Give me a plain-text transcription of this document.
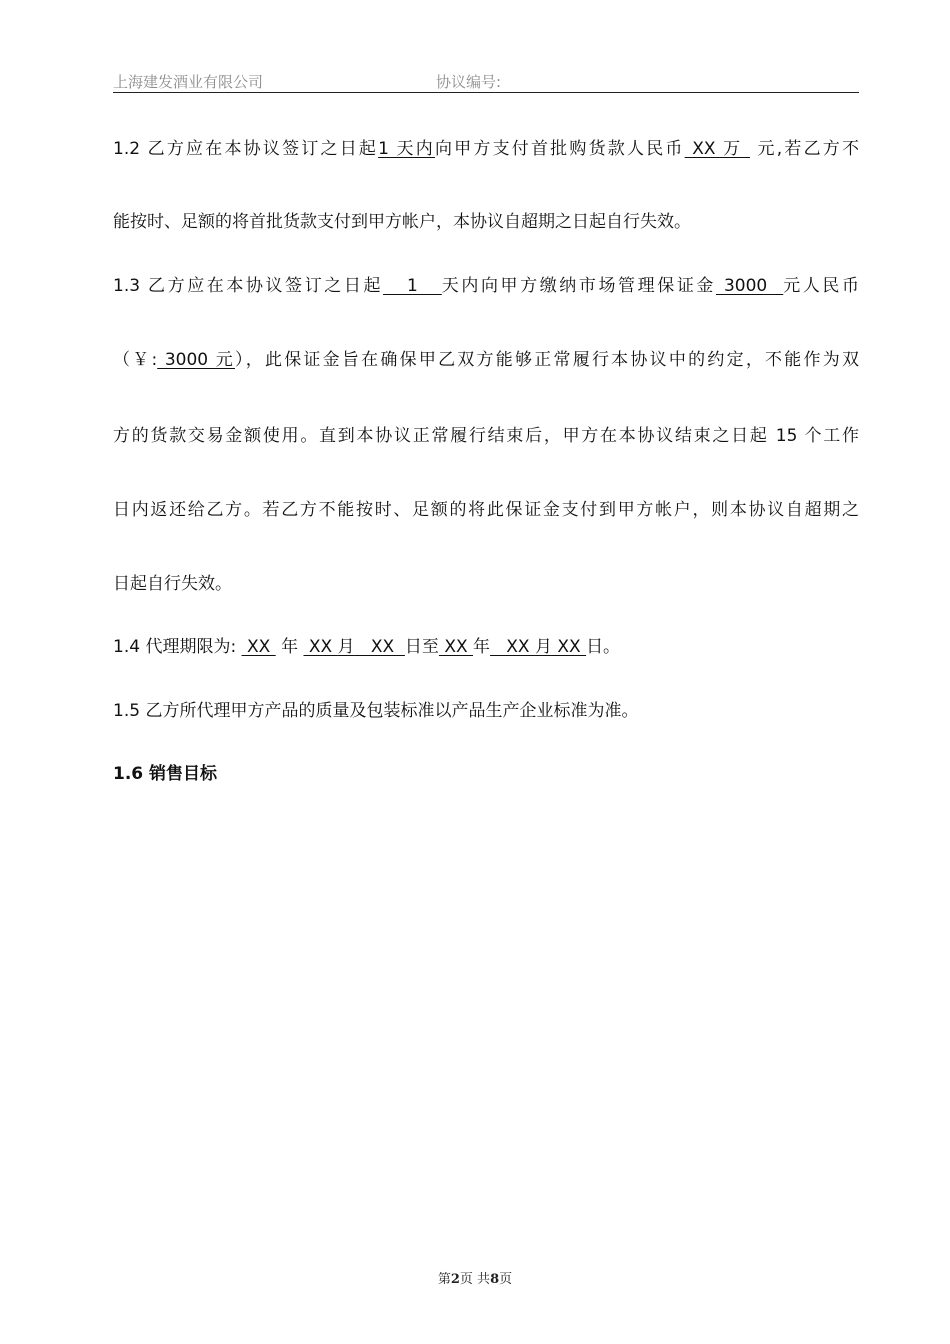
上海建发酒业有限公司	协议编号:
1.2 乙方应在本协议签订之日起1 天内向甲方支付首批购货款人民币 XX 万  元,若乙方不
能按时、足额的将首批货款支付到甲方帐户，本协议自超期之日起自行失效。
1.3 乙方应在本协议签订之日起   1   天内向甲方缴纳市场管理保证金 3000  元人民币
（￥: 3000 元），此保证金旨在确保甲乙双方能够正常履行本协议中的约定，不能作为双
方的货款交易金额使用。直到本协议正常履行结束后，甲方在本协议结束之日起 15 个工作
日内返还给乙方。若乙方不能按时、足额的将此保证金支付到甲方帐户，则本协议自超期之
日起自行失效。
1.4 代理期限为:  XX  年  XX 月   XX  日至 XX 年   XX 月 XX 日。
1.5 乙方所代理甲方产品的质量及包装标准以产品生产企业标准为准。
1.6 销售目标
第2页 共8页
